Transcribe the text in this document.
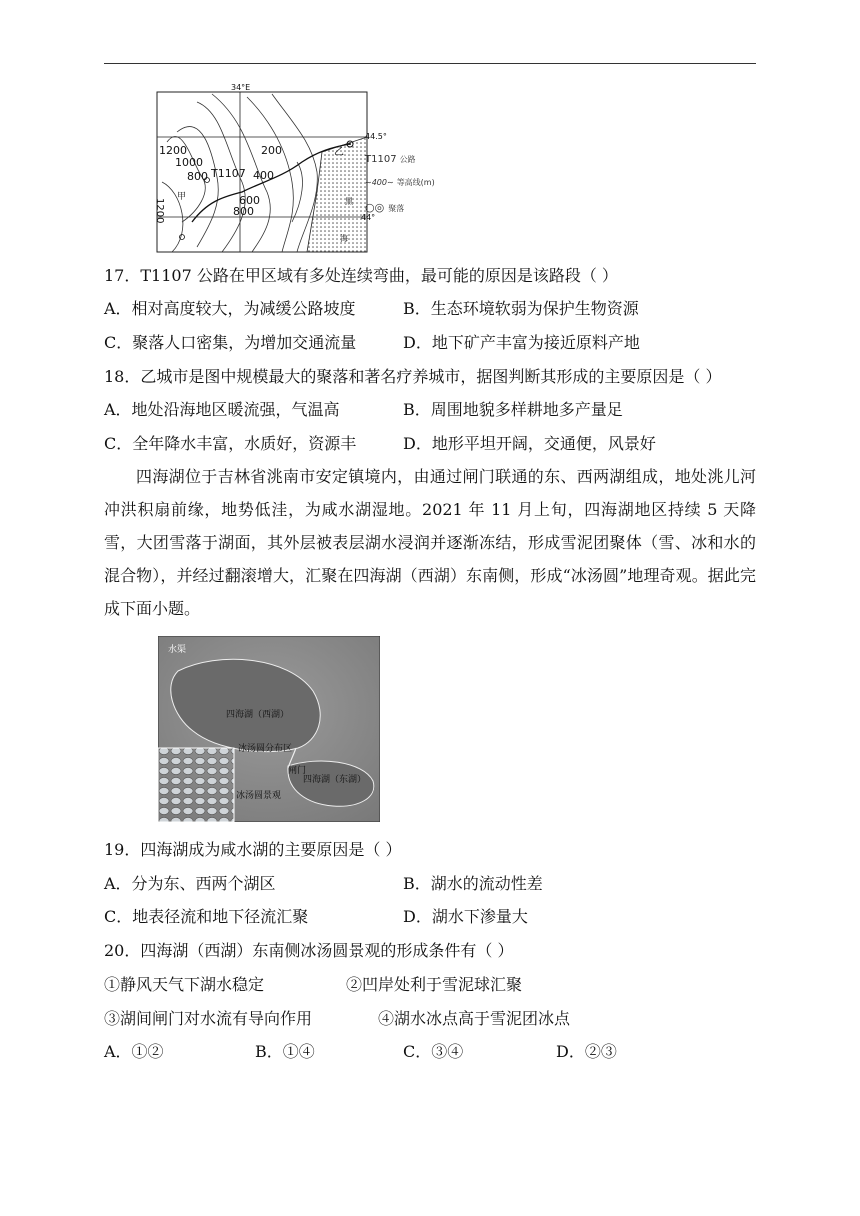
34°E
44.5°
44°
1200
1000
800 T1107 400
200
甲
1200	600
800
乙
黑
海
T1107 公路
∼400∼ 等高线(m)
○◎ 聚落
17．T1107 公路在甲区域有多处连续弯曲，最可能的原因是该路段（ ）
A．相对高度较大，为减缓公路坡度	B．生态环境软弱为保护生物资源
C．聚落人口密集，为增加交通流量	D．地下矿产丰富为接近原料产地
18．乙城市是图中规模最大的聚落和著名疗养城市，据图判断其形成的主要原因是（ ）
A．地处沿海地区暖流强，气温高	B．周围地貌多样耕地多产量足
C．全年降水丰富，水质好，资源丰	D．地形平坦开阔，交通便，风景好
四海湖位于吉林省洮南市安定镇境内，由通过闸门联通的东、西两湖组成，地处洮儿河冲洪积扇前缘，地势低洼，为咸水湖湿地。2021 年 11 月上旬，四海湖地区持续 5 天降雪，大团雪落于湖面，其外层被表层湖水浸润并逐渐冻结，形成雪泥团聚体（雪、冰和水的混合物），并经过翻滚增大，汇聚在四海湖（西湖）东南侧，形成“冰汤圆”地理奇观。据此完成下面小题。
水渠
四海湖（西湖）
冰汤圆分布区
闸门
四海湖（东湖）
冰汤圆景观
19．四海湖成为咸水湖的主要原因是（ ）
A．分为东、西两个湖区	B．湖水的流动性差
C．地表径流和地下径流汇聚	D．湖水下渗量大
20．四海湖（西湖）东南侧冰汤圆景观的形成条件有（ ）
①静风天气下湖水稳定	②凹岸处利于雪泥球汇聚
③湖间闸门对水流有导向作用	④湖水冰点高于雪泥团冰点
A．①②	B．①④	C．③④	D．②③
